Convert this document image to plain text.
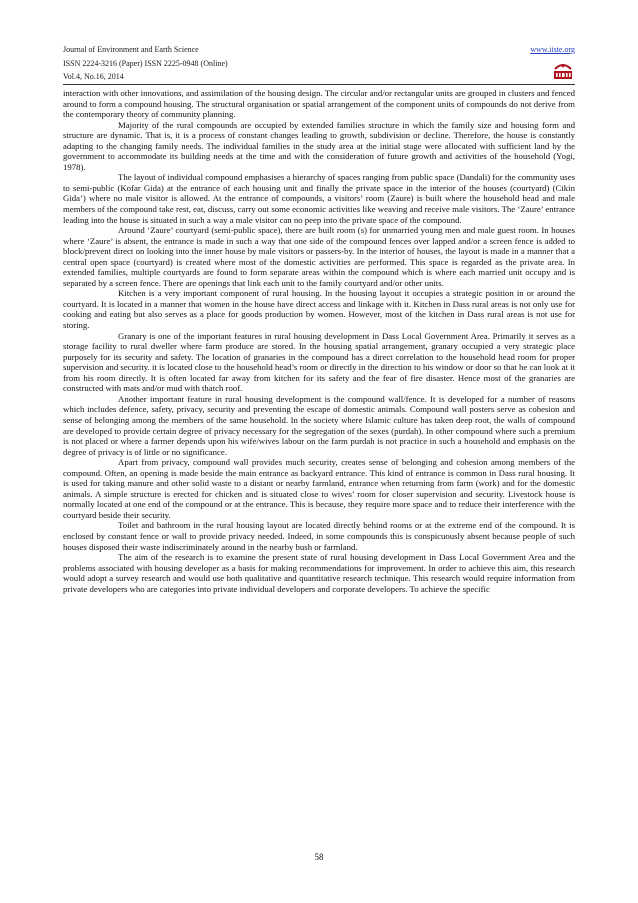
Journal of Environment and Earth Science
ISSN 2224-3216 (Paper) ISSN 2225-0948 (Online)
Vol.4, No.16, 2014
www.iiste.org

interaction with other innovations, and assimilation of the housing design. The circular and/or rectangular units are grouped in clusters and fenced around to form a compound housing. The structural organisation or spatial arrangement of the component units of compounds do not derive from the contemporary theory of community planning.

Majority of the rural compounds are occupied by extended families structure in which the family size and housing form and structure are dynamic. That is, it is a process of constant changes leading to growth, subdivision or decline. Therefore, the house is constantly adapting to the changing family needs. The individual families in the study area at the initial stage were allocated with sufficient land by the government to accommodate its building needs at the time and with the consideration of future growth and activities of the household (Yogi, 1978).

The layout of individual compound emphasises a hierarchy of spaces ranging from public space (Dandali) for the community uses to semi-public (Kofar Gida) at the entrance of each housing unit and finally the private space in the interior of the houses (courtyard) (Cikin Gida’) where no male visitor is allowed. At the entrance of compounds, a visitors’ room (Zaure) is built where the household head and male members of the compound take rest, eat, discuss, carry out some economic activities like weaving and receive male visitors. The ‘Zaure’ entrance leading into the house is situated in such a way a male visitor can no peep into the private space of the compound.

Around ‘Zaure’ courtyard (semi-public space), there are built room (s) for unmarried young men and male guest room. In houses where ‘Zaure’ is absent, the entrance is made in such a way that one side of the compound fences over lapped and/or a screen fence is added to block/prevent direct on looking into the inner house by male visitors or passers-by. In the interior of houses, the layout is made in a manner that a central open space (courtyard) is created where most of the domestic activities are performed. This space is regarded as the private area. In extended families, multiple courtyards are found to form separate areas within the compound which is where each married unit occupy and is separated by a screen fence. There are openings that link each unit to the family courtyard and/or other units.

Kitchen is a very important component of rural housing. In the housing layout it occupies a strategic position in or around the courtyard. It is located in a manner that women in the house have direct access and linkage with it. Kitchen in Dass rural areas is not only use for cooking and eating but also serves as a place for goods production by women. However, most of the kitchen in Dass rural areas is not use for storing.

Granary is one of the important features in rural housing development in Dass Local Government Area. Primarily it serves as a storage facility to rural dweller where farm produce are stored. In the housing spatial arrangement, granary occupied a very strategic place purposely for its security and safety. The location of granaries in the compound has a direct correlation to the household head room for proper supervision and security. it is located close to the household head’s room or directly in the direction to his window or door so that he can look at it from his room directly. It is often located far away from kitchen for its safety and the fear of fire disaster. Hence most of the granaries are constructed with mats and/or mud with thatch roof.

Another important feature in rural housing development is the compound wall/fence. It is developed for a number of reasons which includes defence, safety, privacy, security and preventing the escape of domestic animals. Compound wall posters serve as cohesion and sense of belonging among the members of the same household. In the society where Islamic culture has taken deep root, the walls of compound are developed to provide certain degree of privacy necessary for the segregation of the sexes (purdah). In other compound where such a premium is not placed or where a farmer depends upon his wife/wives labour on the farm purdah is not practice in such a household and emphasis on the degree of privacy is of little or no significance.

Apart from privacy, compound wall provides much security, creates sense of belonging and cohesion among members of the compound. Often, an opening is made beside the main entrance as backyard entrance. This kind of entrance is common in Dass rural housing. It is used for taking manure and other solid waste to a distant or nearby farmland, entrance when returning from farm (work) and for the domestic animals. A simple structure is erected for chicken and is situated close to wives’ room for closer supervision and security. Livestock house is normally located at one end of the compound or at the entrance. This is because, they require more space and to reduce their interference with the courtyard beside their security.

Toilet and bathroom in the rural housing layout are located directly behind rooms or at the extreme end of the compound. It is enclosed by constant fence or wall to provide privacy needed. Indeed, in some compounds this is conspicuously absent because people of such houses disposed their waste indiscriminately around in the nearby bush or farmland.

The aim of the research is to examine the present state of rural housing development in Dass Local Government Area and the problems associated with housing developer as a basis for making recommendations for improvement. In order to achieve this aim, this research would adopt a survey research and would use both qualitative and quantitative research technique. This research would require information from private developers who are categories into private individual developers and corporate developers. To achieve the specific

58
